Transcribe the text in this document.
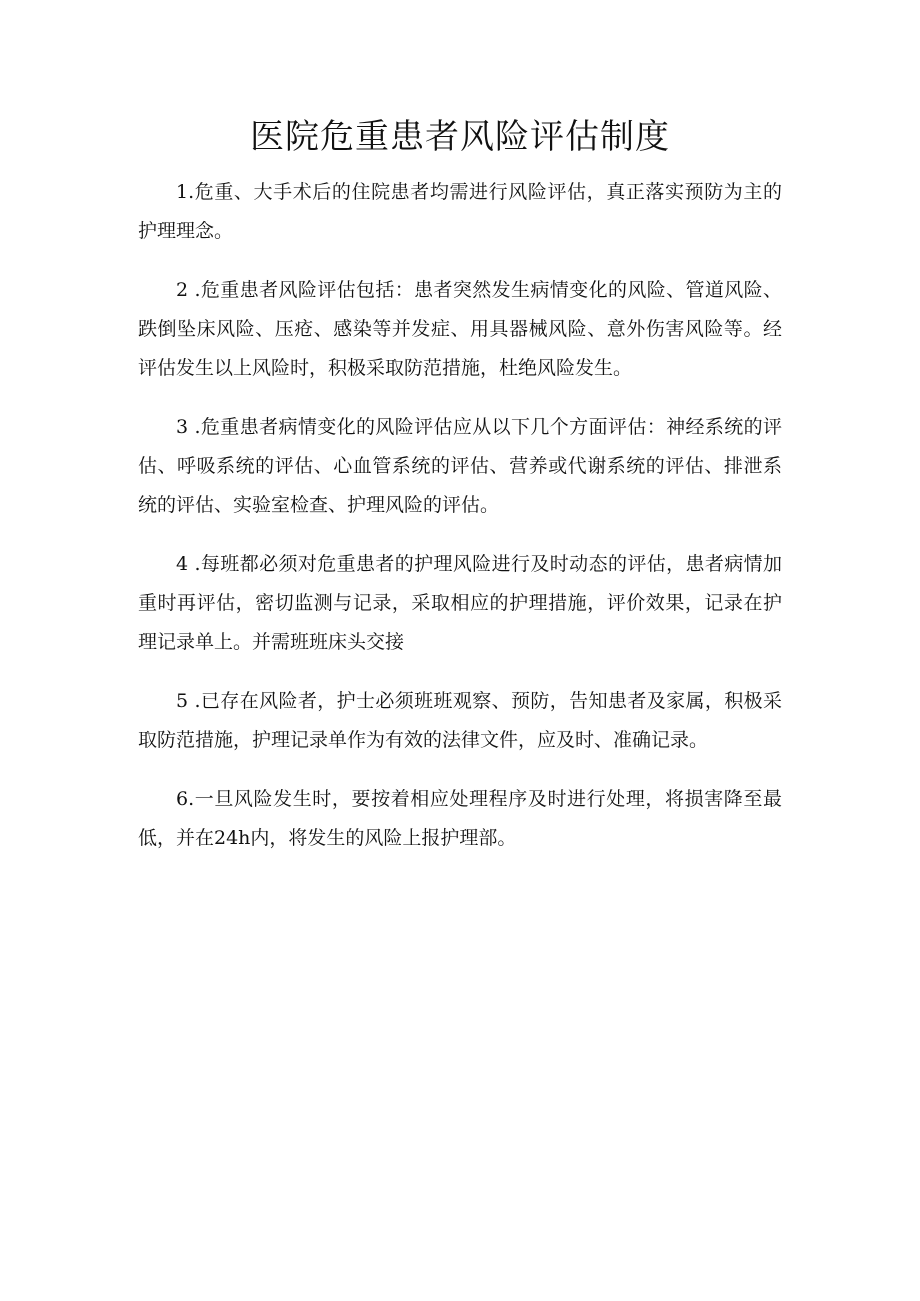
医院危重患者风险评估制度

1.危重、大手术后的住院患者均需进行风险评估，真正落实预防为主的护理理念。

2 .危重患者风险评估包括：患者突然发生病情变化的风险、管道风险、跌倒坠床风险、压疮、感染等并发症、用具器械风险、意外伤害风险等。经评估发生以上风险时，积极采取防范措施，杜绝风险发生。

3 .危重患者病情变化的风险评估应从以下几个方面评估：神经系统的评估、呼吸系统的评估、心血管系统的评估、营养或代谢系统的评估、排泄系统的评估、实验室检查、护理风险的评估。

4 .每班都必须对危重患者的护理风险进行及时动态的评估，患者病情加重时再评估，密切监测与记录，采取相应的护理措施，评价效果，记录在护理记录单上。并需班班床头交接

5 .已存在风险者，护士必须班班观察、预防，告知患者及家属，积极采取防范措施，护理记录单作为有效的法律文件，应及时、准确记录。

6.一旦风险发生时，要按着相应处理程序及时进行处理，将损害降至最低，并在24h内，将发生的风险上报护理部。
